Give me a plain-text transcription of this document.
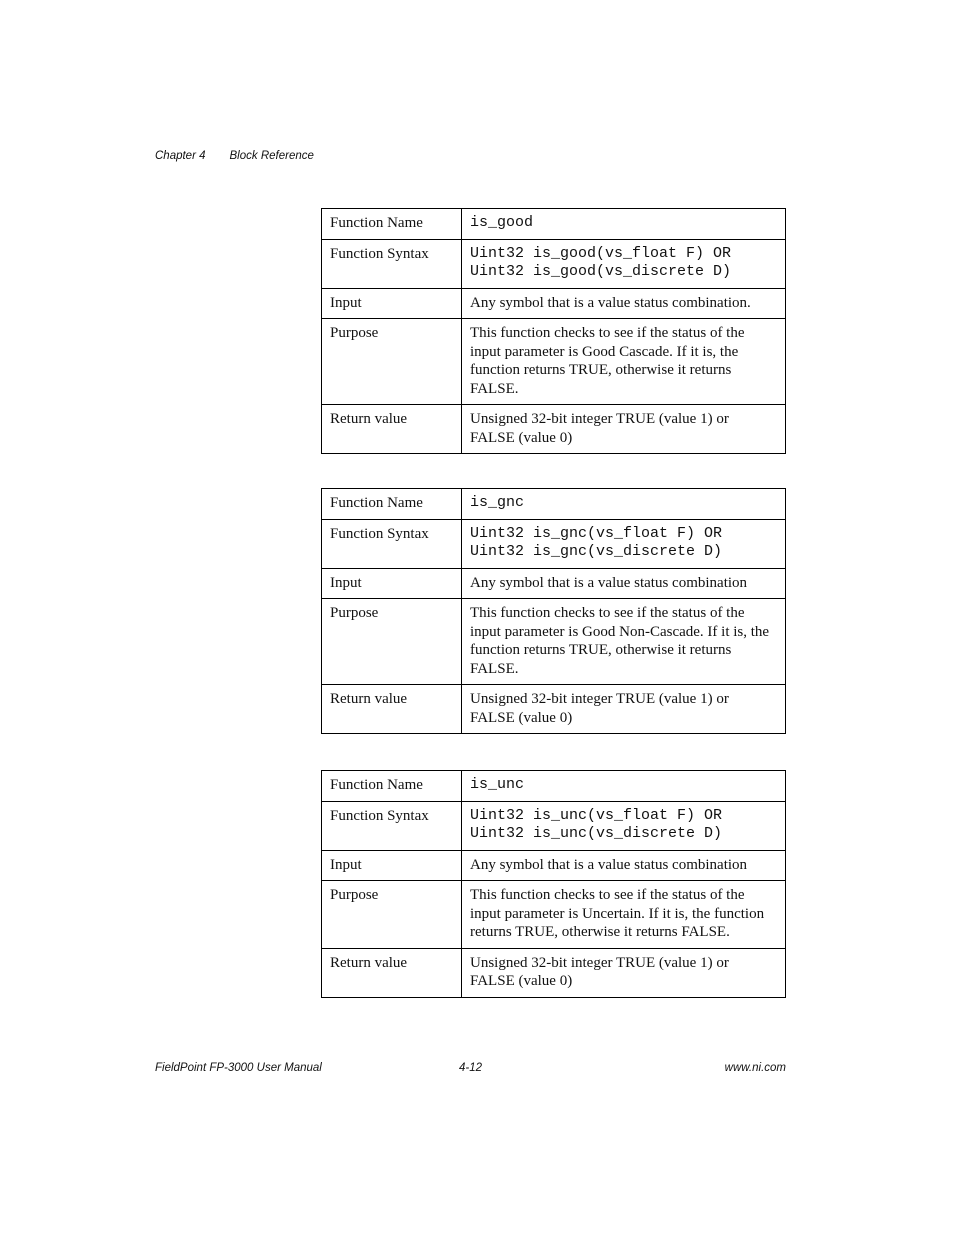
Chapter 4 Block Reference
Function Name	is_good
Function Syntax	Uint32 is_good(vs_float F) OR
Uint32 is_good(vs_discrete D)

Input	Any symbol that is a value status combination.
Purpose	This function checks to see if the status of the input parameter is Good Cascade. If it is, the function returns TRUE, otherwise it returns FALSE.
Return value	Unsigned 32-bit integer TRUE (value 1) or FALSE (value 0)
Function Name	is_gnc
Function Syntax	Uint32 is_gnc(vs_float F) OR
Uint32 is_gnc(vs_discrete D)

Input	Any symbol that is a value status combination
Purpose	This function checks to see if the status of the input parameter is Good Non-Cascade. If it is, the function returns TRUE, otherwise it returns FALSE.
Return value	Unsigned 32-bit integer TRUE (value 1) or FALSE (value 0)
Function Name	is_unc
Function Syntax	Uint32 is_unc(vs_float F) OR
Uint32 is_unc(vs_discrete D)

Input	Any symbol that is a value status combination
Purpose	This function checks to see if the status of the input parameter is Uncertain. If it is, the function returns TRUE, otherwise it returns FALSE.
Return value	Unsigned 32-bit integer TRUE (value 1) or FALSE (value 0)
FieldPoint FP-3000 User Manual	4-12	www.ni.com
